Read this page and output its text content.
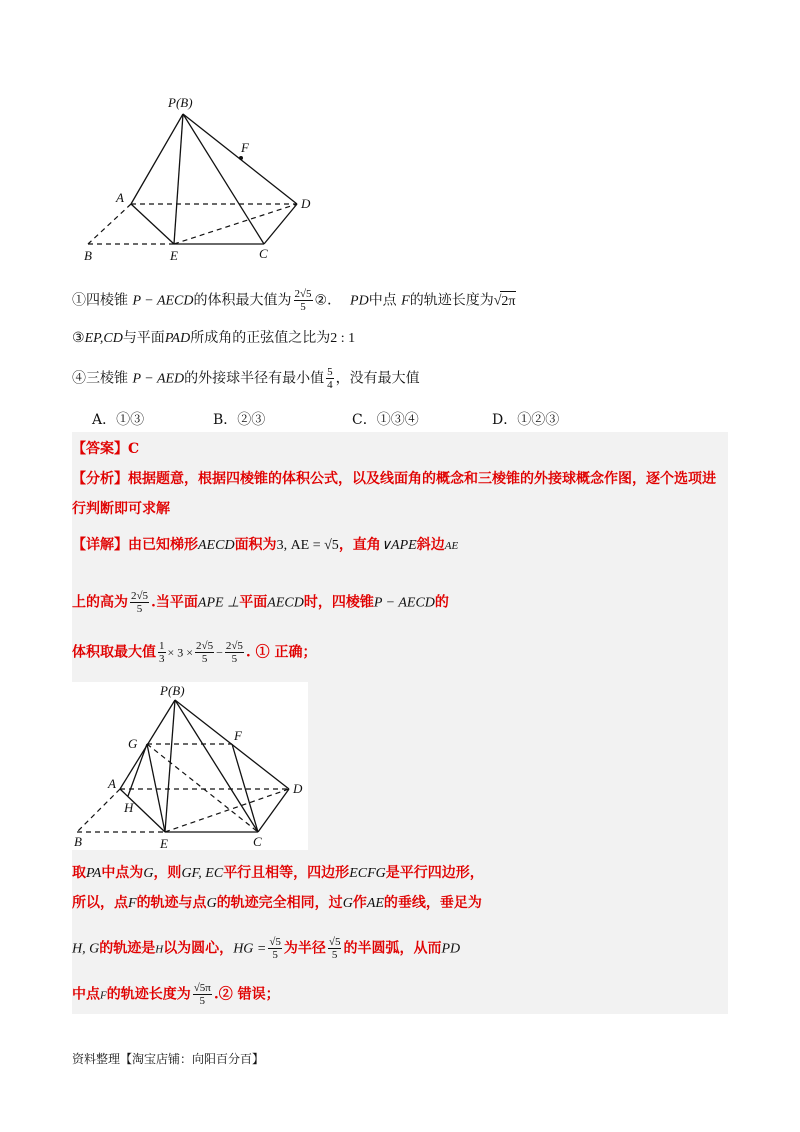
P(B)
F
A	D
B	E	C
①四棱锥 P − AECD的体积最大值为 $\frac{2√5}{5}$ ②． PD中点 F的轨迹长度为√2π
③EP,CD与平面PAD所成角的正弦值之比为2 : 1
④三棱锥 P − AED的外接球半径有最小值 $\frac{5}{4}$ ，没有最大值
A．①③	B．②③	C．①③④	D．①②③
【答案】C
【分析】根据题意，根据四棱锥的体积公式，以及线面角的概念和三棱锥的外接球概念作图，逐个选项进
行判断即可求解
【详解】由已知梯形AECD面积为3, AE = √5，直角∨APE斜边AE
上的高为 $\frac{2√5}{5}$ .当平面APE ⊥平面AECD时，四棱锥P − AECD的
体积取最大值 $\frac{1}{3} \times 3 \times \frac{2√5}{5} - \frac{2√5}{5}$ . ① 正确；
P(B)
G
F
A
H
D
B	E	C
取PA中点为G，则GF, EC平行且相等，四边形ECFG是平行四边形，
所以，点F的轨迹与点G的轨迹完全相同，过G作AE的垂线，垂足为
H, G的轨迹是H以为圆心，HG = $\frac{√5}{5}$ 为半径 $\frac{√5}{5}$ 的半圆弧，从而PD
中点F的轨迹长度为 $\frac{√5\pi}{5}$ .② 错误；
资料整理【淘宝店铺：向阳百分百】
